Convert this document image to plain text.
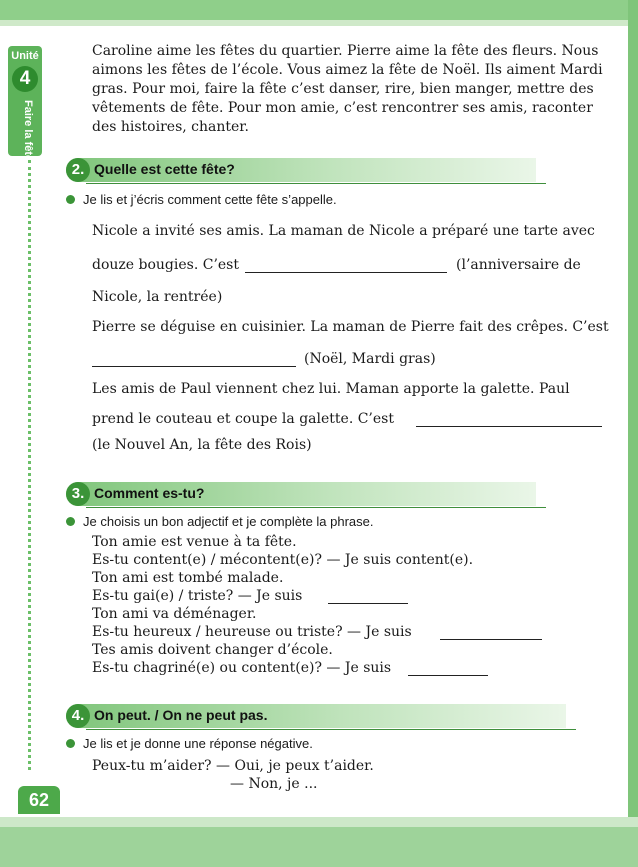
Unité
4
Faire la fête
Caroline aime les fêtes du quartier. Pierre aime la fête des fleurs. Nous
aimons les fêtes de l’école. Vous aimez la fête de Noël. Ils aiment Mardi
gras. Pour moi, faire la fête c’est danser, rire, bien manger, mettre des
vêtements de fête. Pour mon amie, c’est rencontrer ses amis, raconter
des histoires, chanter.
2. Quelle est cette fête?
Je lis et j’écris comment cette fête s’appelle.
Nicole a invité ses amis. La maman de Nicole a préparé une tarte avec
douze bougies. C’est	(l’anniversaire de
Nicole, la rentrée)
Pierre se déguise en cuisinier. La maman de Pierre fait des crêpes. C’est
(Noël, Mardi gras)
Les amis de Paul viennent chez lui. Maman apporte la galette. Paul
prend le couteau et coupe la galette. C’est
(le Nouvel An, la fête des Rois)
3. Comment es-tu?
Je choisis un bon adjectif et je complète la phrase.
Ton amie est venue à ta fête.
Es-tu content(e) / mécontent(e)? — Je suis content(e).
Ton ami est tombé malade.
Es-tu gai(e) / triste? — Je suis
Ton ami va déménager.
Es-tu heureux / heureuse ou triste? — Je suis
Tes amis doivent changer d’école.
Es-tu chagriné(e) ou content(e)? — Je suis
4. On peut. / On ne peut pas.
Je lis et je donne une réponse négative.
Peux-tu m’aider? — Oui, je peux t’aider.
— Non, je ...
62
